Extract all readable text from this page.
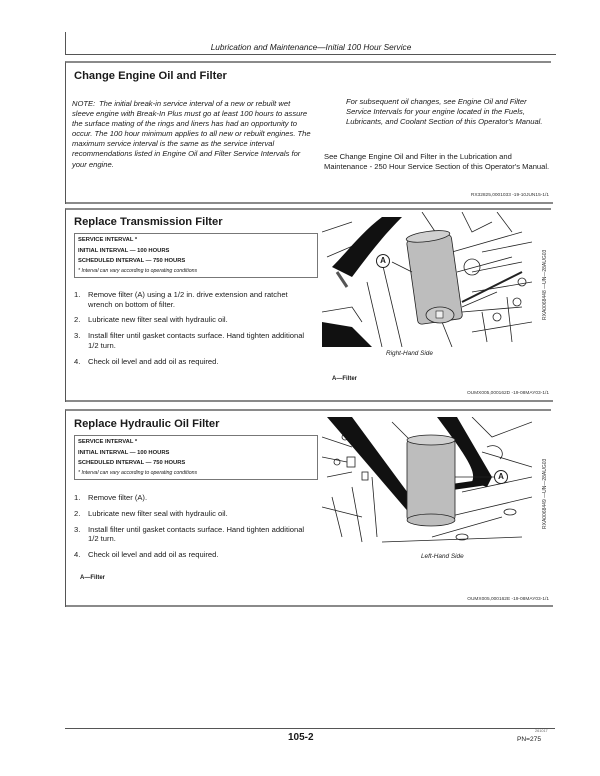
Lubrication and Maintenance—Initial 100 Hour Service
Change Engine Oil and Filter
NOTE: The initial break-in service interval of a new or rebuilt wet sleeve engine with Break-In Plus must go at least 100 hours to assure the surface mating of the rings and liners has had an opportunity to occur. The 100 hour minimum applies to all new or rebuilt engines. The maximum service interval is the same as the service interval recommendations listed in Engine Oil and Filter Service Intervals for your engine.
For subsequent oil changes, see Engine Oil and Filter Service Intervals for your engine located in the Fuels, Lubricants, and Coolant Section of this Operator's Manual.
See Change Engine Oil and Filter in the Lubrication and Maintenance - 250 Hour Service Section of this Operator's Manual.
RX32825,0001033 -19-10JUN15-1/1
Replace Transmission Filter
SERVICE INTERVAL *
INITIAL INTERVAL — 100 HOURS
SCHEDULED INTERVAL — 750 HOURS
* Interval can vary according to operating conditions
1. Remove filter (A) using a 1/2 in. drive extension and ratchet wrench on bottom of filter.
2. Lubricate new filter seal with hydraulic oil.
3. Install filter until gasket contacts surface. Hand tighten additional 1/2 turn.
4. Check oil level and add oil as required.
A	RXA0068448 —UN—28AUG03
Right-Hand Side
A—Filter
OUMX005,000162D -19-08MAY03-1/1
Replace Hydraulic Oil Filter
SERVICE INTERVAL *
INITIAL INTERVAL — 100 HOURS
SCHEDULED INTERVAL — 750 HOURS
* Interval can vary according to operating conditions
1. Remove filter (A).
2. Lubricate new filter seal with hydraulic oil.
3. Install filter until gasket contacts surface. Hand tighten additional 1/2 turn.
4. Check oil level and add oil as required.
A—Filter
A	RXA0068449 —UN—28AUG03
Left-Hand Side
OUMX005,000162E -19-08MAY03-1/1
105-2
261017
PN=275
